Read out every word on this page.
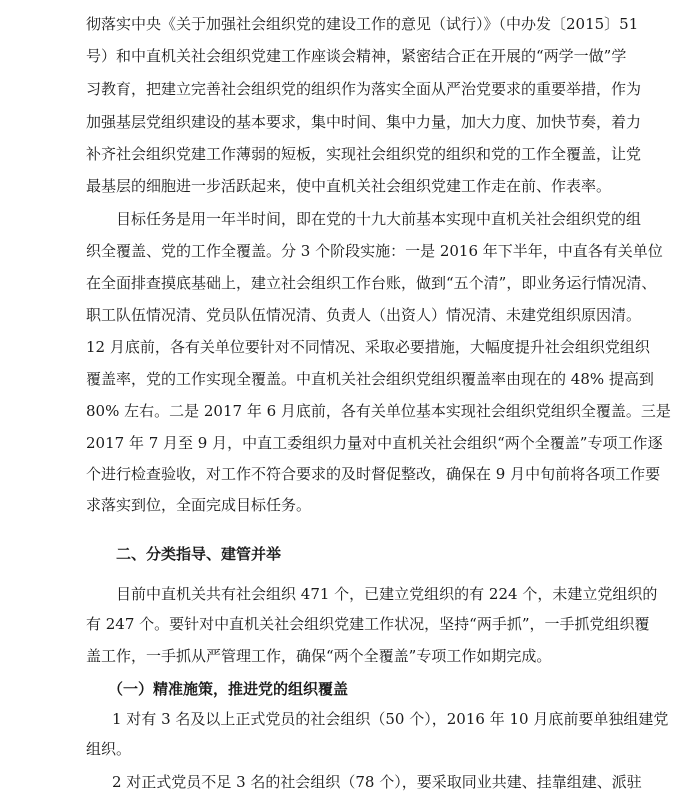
彻落实中央《关于加强社会组织党的建设工作的意见（试行）》（中办发〔2015〕51
号）和中直机关社会组织党建工作座谈会精神，紧密结合正在开展的“两学一做”学
习教育，把建立完善社会组织党的组织作为落实全面从严治党要求的重要举措，作为
加强基层党组织建设的基本要求，集中时间、集中力量，加大力度、加快节奏，着力
补齐社会组织党建工作薄弱的短板，实现社会组织党的组织和党的工作全覆盖，让党
最基层的细胞进一步活跃起来，使中直机关社会组织党建工作走在前、作表率。
目标任务是用一年半时间，即在党的十九大前基本实现中直机关社会组织党的组
织全覆盖、党的工作全覆盖。分 3 个阶段实施：一是 2016 年下半年，中直各有关单位
在全面排查摸底基础上，建立社会组织工作台账，做到“五个清”，即业务运行情况清、
职工队伍情况清、党员队伍情况清、负责人（出资人）情况清、未建党组织原因清。
12 月底前，各有关单位要针对不同情况、采取必要措施，大幅度提升社会组织党组织
覆盖率，党的工作实现全覆盖。中直机关社会组织党组织覆盖率由现在的 48% 提高到
80% 左右。二是 2017 年 6 月底前，各有关单位基本实现社会组织党组织全覆盖。三是
2017 年 7 月至 9 月，中直工委组织力量对中直机关社会组织“两个全覆盖”专项工作逐
个进行检查验收，对工作不符合要求的及时督促整改，确保在 9 月中旬前将各项工作要
求落实到位，全面完成目标任务。
二、分类指导、建管并举
目前中直机关共有社会组织 471 个，已建立党组织的有 224 个，未建立党组织的
有 247 个。要针对中直机关社会组织党建工作状况，坚持“两手抓”，一手抓党组织覆
盖工作，一手抓从严管理工作，确保“两个全覆盖”专项工作如期完成。
（一）精准施策，推进党的组织覆盖
1 对有 3 名及以上正式党员的社会组织（50 个），2016 年 10 月底前要单独组建党
组织。
2 对正式党员不足 3 名的社会组织（78 个），要采取同业共建、挂靠组建、派驻
